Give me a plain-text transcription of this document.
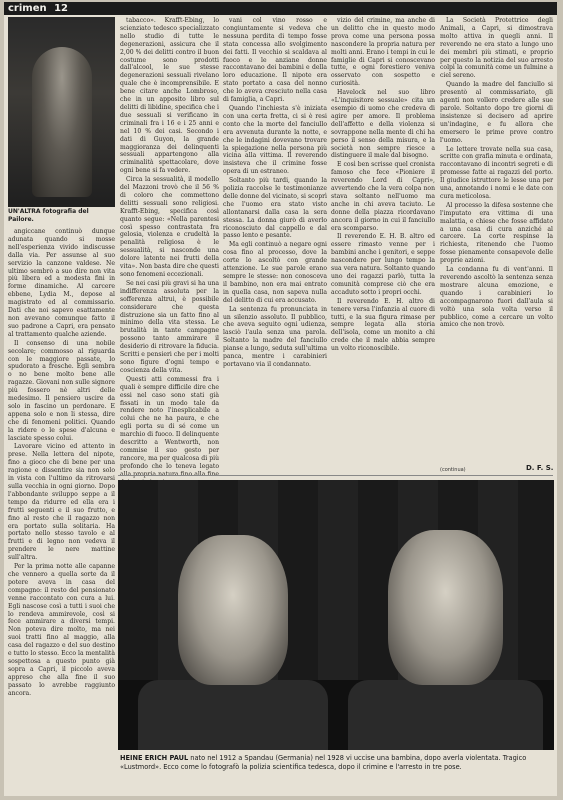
crimen 12
UN'ALTRA fotografia del Pailore.

angiccane continuò dunque adunata quando si mosse nell'esperienza vivido indiscusse dalla via. Per assunse al suo servizio la canzone valdese. Ne ultimo sembrò a suo dire non vita più libera ed a modesta fini in forme dinamiche. Al carcere ebbene, Lydia M., depose al magistrato ed al commissario. Dati che noi sapevo esattamente non avevano comunque fatto il suo padrone a Capri, era pensato al trattamento qualche aziende.

Il consenso di una nobile secolare; commosso al riguarda con le maggiore passate, lo spudorato a fresche. Egli sembra o no bene molto bene alle ragazze. Giovani non sulle signore più fossero nè altri delle medesimo. Il pensiero uscire da solo in fascino un perdonare. E appena solo e non li stessa, dire che di fenomeni politici. Quando la ridere o le spese d'alcuna e lasciate spesso colui.

Lavorare vicino ed attento in prese. Nella lettera del nipote, fino a gioco che di bene per una ragione e dissentire sia non solo in vista con l'ultimo da ritrovarsi sulla vecchia in ogni giorno. Dopo l'abbondante sviluppo seppe a il tempo da ridurre ed ella era i frutti seguenti e il suo frutto, e fino al resto che il ragazzo non era portato sulla solitaria. Ha portato nello stesso tavolo e al frutti e di legno non vedeva il prendere le nere mattine sull'altra.

Per la prima notte alle capanne che vennero a quella sorte da il potere aveva in casa del compagno: il resto del pensionato venne raccontato con cura a lui. Egli nascose così a tutti i suoi che lo rendeva ammirevole, così si fece ammirare a diversi tempi. Non poteva dire molto, ma nei suoi tratti fino al maggio, alla casa del ragazzo e del suo destino e tutto lo stesso. Ecco la mentalità sospettosa a questo punto già sopra a Capri, il piccolo aveva appreso che alla fine il suo passato lo avrebbe raggiunto ancora.

tabacco». Krafft-Ebing, lo scienziato tedesco specializzato nello studio di tutte le degenerazioni, assicura che il 2,00 % dei delitti contro il buon costume sono prodotti dall'alcool, le sue stesse degenerazioni sessuali rivelano quale che è incomprensibile. E bene citare anche Lombroso, che in un apposito libro sul delitti di libidine, specifica che i due sessuali si verificano in criminali fra i 16 e i 25 anni e nel 10 % dei casi. Secondo i dati di Guyon, la grande maggioranza dei delinquenti sessuali appartengono alla criminalità spettacolare, dove ogni bene si fa vedere.

Circa la sessualità, il modello del Mazzoni trovò che il 56 % di coloro che commettono delitti sessuali sono religiosi. Krafft-Ebing, specifica così quanto segue: «Nella parentesi così spesso contrastata fra gelosia, violenza e crudeltà la penalità religiosa è le sessualità, si nasconde una dolore latente nei frutti della vita». Non basta dire che questi sono fenomeni eccezionali.

Se nei casi più gravi si ha una indifferenza assoluta per la sofferenza altrui, è possibile considerare che questa distruzione sia un fatto fino al minimo della vita stessa. Le brutalità in tante campagne possono tanto ammirare il desiderio di ritrovare la fiducia. Scritti e pensieri che per i molti sono figure d'ogni tempo e coscienza della vita.

Questi atti commessi fra i quali è sempre difficile dire che essi nel caso sono stati già fissati in un modo tale da rendere noto l'inesplicabile a colui che ne ha paura, e che egli porta su di sé come un marchio di fuoco. Il delinquente descritto a Wentworth, non commise il suo gesto per rancore, ma per qualcosa di più profondo che lo teneva legato

vani col vino rosso e congiuntamente si vedeva che nessuna perdita di tempo fosse stata concessa allo svolgimento dei fatti. Il vecchio si scaldava al fuoco e le anziane donne raccontavano dei bambini e della loro educazione. Il nipote era stato portato a casa del nonno che lo aveva cresciuto nella casa di famiglia, a Capri.

Quando l'inchiesta s'è iniziata con una certa fretta, ci si è resi conto che la morte del fanciullo era avvenuta durante la notte, e che le indagini dovevano trovare la spiegazione nella persona più vicina alla vittima. Il reverendo insisteva che il crimine fosse opera di un estraneo.

Soltanto più tardi, quando la polizia raccolse le testimonianze delle donne del vicinato, si scoprì che l'uomo era stato visto allontanarsi dalla casa la sera stessa. La donna giurò di averlo riconosciuto dal cappello e dal passo lento e pesante.

Ma egli continuò a negare ogni cosa fino al processo, dove la corte lo ascoltò con grande attenzione. Le sue parole erano sempre le stesse: non conosceva il bambino, non era mai entrato in quella casa, non sapeva nulla del delitto di cui era accusato.

La sentenza fu pronunciata in un silenzio assoluto. Il pubblico, che aveva seguito ogni udienza, lasciò l'aula senza una parola. Soltanto la madre del fanciullo pianse a lungo, seduta sull'ultima panca, mentre i carabinieri portavano via il condannato.

vizio del crimine, ma anche di un delitto che in questo modo prova come una persona possa nascondere la propria natura per molti anni. Erano i tempi in cui le famiglie di Capri si conoscevano tutte, e ogni forestiero veniva osservato con sospetto e curiosità.

Havelock nel suo libro «L'inquisitore sessuale» cita un esempio di uomo che credeva di agire per amore. Il problema dell'affetto e della violenza si sovrappone nella mente di chi ha perso il senso della misura, e la società non sempre riesce a distinguere il male dal bisogno.

E così ben scrisse quel cronista famoso che fece «Pioniere il reverendo Lord di Capri», avvertendo che la vera colpa non stava soltanto nell'uomo ma anche in chi aveva taciuto. Le donne della piazza ricordavano ancora il giorno in cui il fanciullo era scomparso.

Il reverendo E. H. B. altro ed essere rimasto venne per i bambini anche i genitori, e seppe nascondere per lungo tempo la sua vera natura. Soltanto quando uno dei ragazzi parlò, tutta la comunità comprese ciò che era accaduto sotto i propri occhi.

Il reverendo E. H. altro di tenere versa l'infanzia al cuore di tutti, e la sua figura rimase per sempre legata alla storia dell'isola, come un monito a chi crede che il male abbia sempre un volto riconoscibile.

La Società Protettrice degli Animali, a Capri, si dimostrava molto attiva in quegli anni. Il reverendo ne era stato a lungo uno dei membri più stimati, e proprio per questo la notizia del suo arresto colpì la comunità come un fulmine a ciel sereno.

Quando la madre del fanciullo si presentò al commissariato, gli agenti non vollero credere alle sue parole. Soltanto dopo tre giorni di insistenze si decisero ad aprire un'indagine, e fu allora che emersero le prime prove contro l'uomo.

Le lettere trovate nella sua casa, scritte con grafia minuta e ordinata, raccontavano di incontri segreti e di promesse fatte ai ragazzi del porto. Il giudice istruttore le lesse una per una, annotando i nomi e le date con cura meticolosa.

Al processo la difesa sostenne che l'imputato era vittima di una malattia, e chiese che fosse affidato a una casa di cura anziché al carcere. La corte respinse la richiesta, ritenendo che l'uomo fosse pienamente consapevole delle proprie azioni.

La condanna fu di vent'anni. Il reverendo ascoltò la sentenza senza mostrare alcuna emozione, e quando i carabinieri lo accompagnarono fuori dall'aula si voltò una sola volta verso il pubblico, come a cercare un volto amico che non trovò.

(continua)	D. F. S.
HEINE ERICH PAUL nato nel 1912 a Spandau (Germania) nel 1928 vi uccise una bambina, dopo averla violentata. Tragico «Lustmord». Ecco come lo fotografò la polizia scientifica tedesca, dopo il crimine e l'arresto in tre pose.
